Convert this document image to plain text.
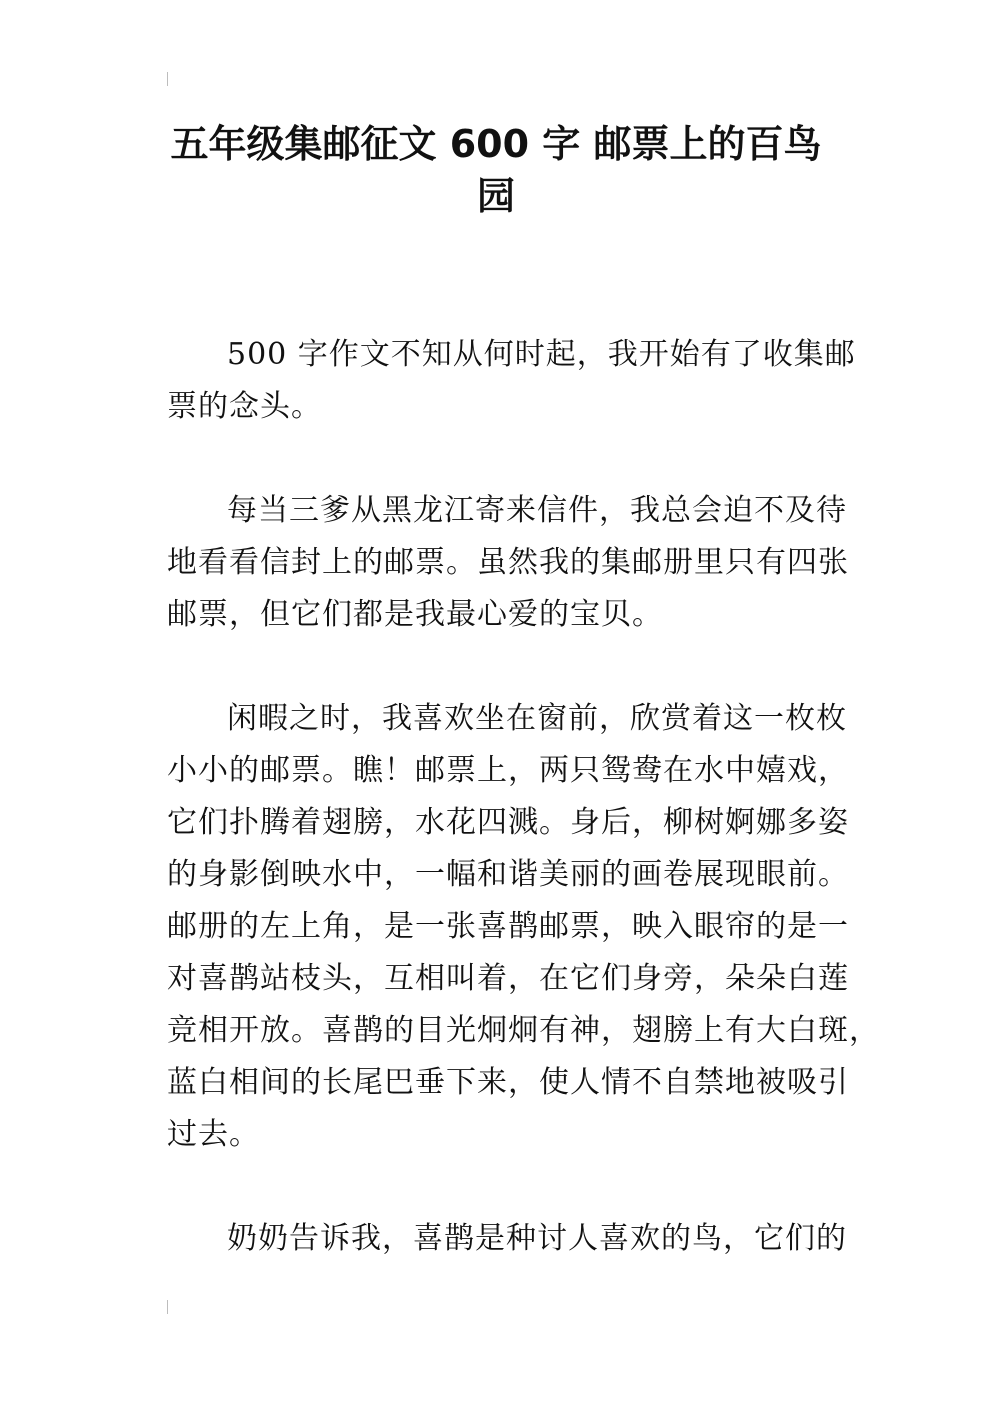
五年级集邮征文 600 字 邮票上的百鸟
园
500 字作文不知从何时起，我开始有了收集邮
票的念头。
每当三爹从黑龙江寄来信件，我总会迫不及待
地看看信封上的邮票。虽然我的集邮册里只有四张
邮票，但它们都是我最心爱的宝贝。
闲暇之时，我喜欢坐在窗前，欣赏着这一枚枚
小小的邮票。瞧！邮票上，两只鸳鸯在水中嬉戏，
它们扑腾着翅膀，水花四溅。身后，柳树婀娜多姿
的身影倒映水中，一幅和谐美丽的画卷展现眼前。
邮册的左上角，是一张喜鹊邮票，映入眼帘的是一
对喜鹊站枝头，互相叫着，在它们身旁，朵朵白莲
竞相开放。喜鹊的目光炯炯有神，翅膀上有大白斑，
蓝白相间的长尾巴垂下来，使人情不自禁地被吸引
过去。
奶奶告诉我，喜鹊是种讨人喜欢的鸟，它们的
